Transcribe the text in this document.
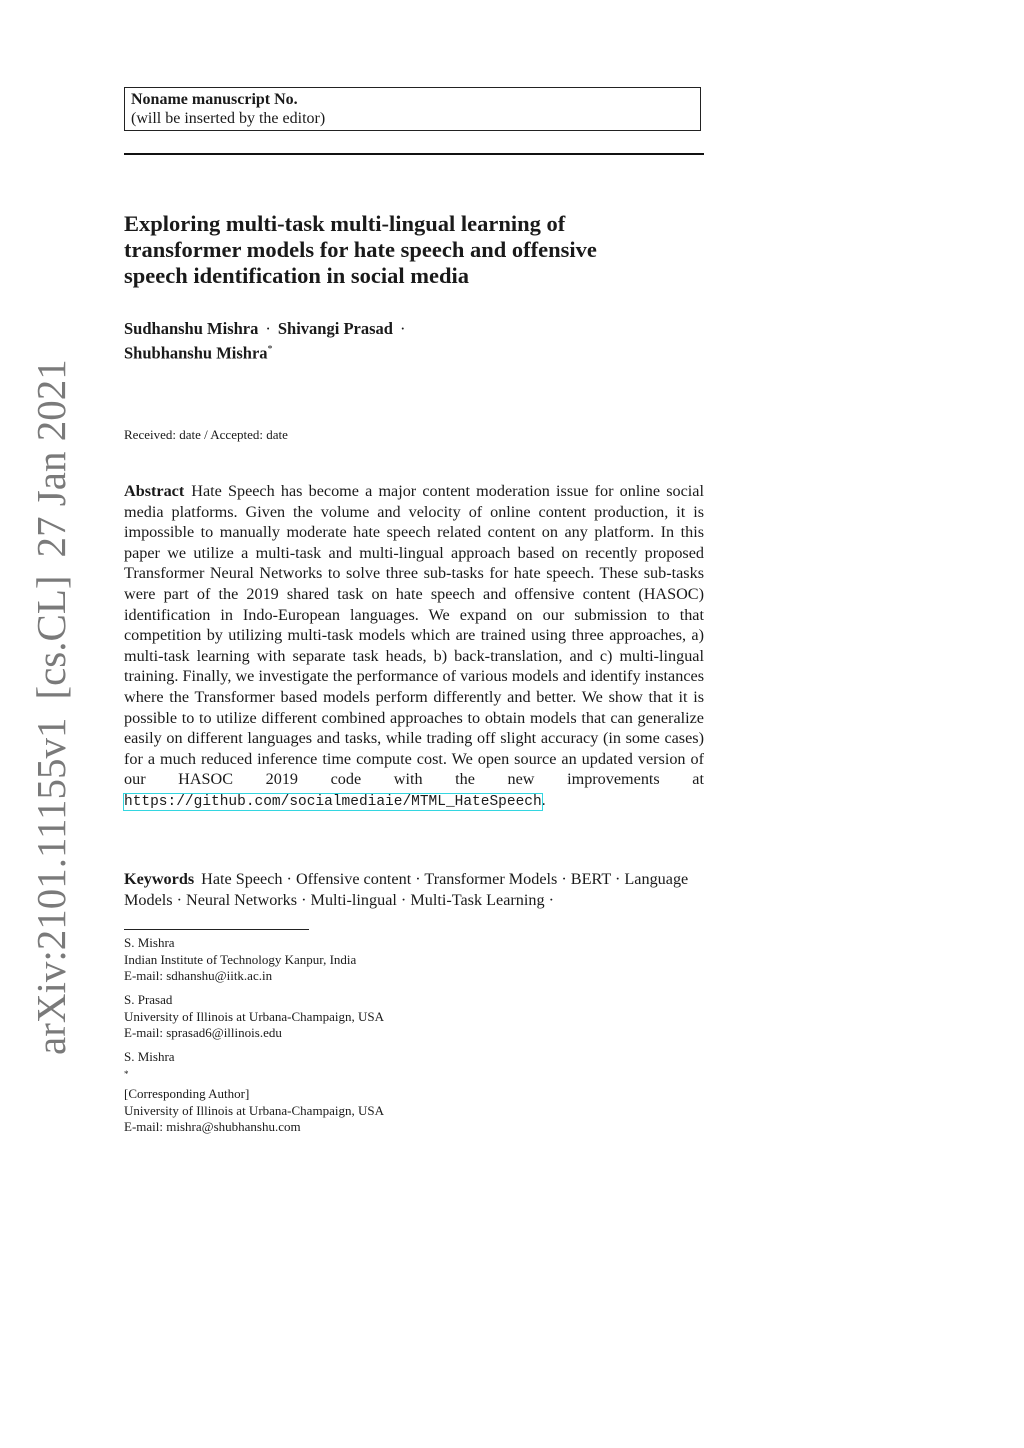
Noname manuscript No.
(will be inserted by the editor)
Exploring multi-task multi-lingual learning of
transformer models for hate speech and offensive
speech identification in social media
Sudhanshu Mishra · Shivangi Prasad ·
Shubhanshu Mishra*
Received: date / Accepted: date

Abstract Hate Speech has become a major content moderation issue for online social media platforms. Given the volume and velocity of online content production, it is impossible to manually moderate hate speech related content on any platform. In this paper we utilize a multi-task and multi-lingual approach based on recently proposed Transformer Neural Networks to solve three sub-tasks for hate speech. These sub-tasks were part of the 2019 shared task on hate speech and offensive content (HASOC) identification in Indo-European languages. We expand on our submission to that competition by utilizing multi-task models which are trained using three approaches, a) multi-task learning with separate task heads, b) back-translation, and c) multi-lingual training. Finally, we investigate the performance of various models and identify instances where the Transformer based models perform differently and better. We show that it is possible to to utilize different combined approaches to obtain models that can generalize easily on different languages and tasks, while trading off slight accuracy (in some cases) for a much reduced inference time compute cost. We open source an updated version of our HASOC 2019 code with the new improvements at https://github.com/socialmediaie/MTML_HateSpeech.

Keywords Hate Speech · Offensive content · Transformer Models · BERT · Language Models · Neural Networks · Multi-lingual · Multi-Task Learning ·

S. Mishra
Indian Institute of Technology Kanpur, India
E-mail: sdhanshu@iitk.ac.in
S. Prasad
University of Illinois at Urbana-Champaign, USA
E-mail: sprasad6@illinois.edu
S. Mishra
*
[Corresponding Author]
University of Illinois at Urbana-Champaign, USA
E-mail: mishra@shubhanshu.com
arXiv:2101.11155v1[cs.CL]27 Jan 2021
